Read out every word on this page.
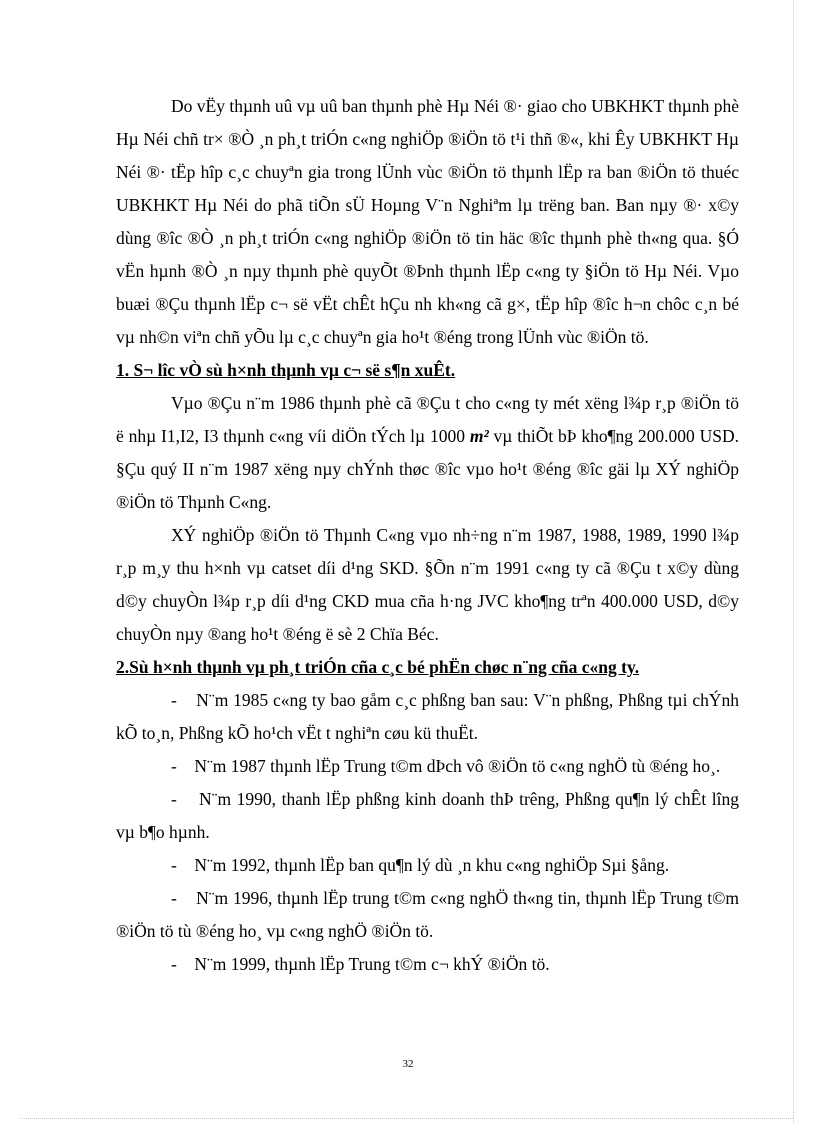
Do vËy thµnh uû vµ uû ban thµnh phè Hµ Néi ®· giao cho UBKHKT thµnh phè Hµ Néi chñ tr× ®Ò ¸n ph¸t triÓn c«ng nghiÖp ®iÖn tö t¹i thñ ®«, khi Êy UBKHKT Hµ Néi ®· tËp hîp c¸c chuyªn gia trong lÜnh vùc ®iÖn tö thµnh lËp ra ban ®iÖn tö thuéc UBKHKT Hµ Néi do phã tiÕn sÜ Hoµng V¨n Nghiªm lµ trëng ban. Ban nµy ®· x©y dùng ®îc ®Ò ¸n ph¸t triÓn c«ng nghiÖp ®iÖn tö tin häc ®îc thµnh phè th«ng qua. §Ó vËn hµnh ®Ò ¸n nµy thµnh phè quyÕt ®Þnh thµnh lËp c«ng ty §iÖn tö Hµ Néi. Vµo buæi ®Çu thµnh lËp c¬ së vËt chÊt hÇu nh kh«ng cã g×, tËp hîp ®îc h¬n chôc c¸n bé vµ nh©n viªn chñ yÕu lµ c¸c chuyªn gia ho¹t ®éng trong lÜnh vùc ®iÖn tö.

1. S¬ lîc vÒ sù h×nh thµnh vµ c¬ së s¶n xuÊt.

Vµo ®Çu n¨m 1986 thµnh phè cã ®Çu t cho c«ng ty mét xëng l¾p r¸p ®iÖn tö ë nhµ I1,I2, I3 thµnh c«ng víi diÖn tÝch lµ 1000 m² vµ thiÕt bÞ kho¶ng 200.000 USD. §Çu quý II n¨m 1987 xëng nµy chÝnh thøc ®îc vµo ho¹t ®éng ®îc gäi lµ XÝ nghiÖp ®iÖn tö Thµnh C«ng.

XÝ nghiÖp ®iÖn tö Thµnh C«ng vµo nh÷ng n¨m 1987, 1988, 1989, 1990 l¾p r¸p m¸y thu h×nh vµ catset díi d¹ng SKD. §Õn n¨m 1991 c«ng ty cã ®Çu t x©y dùng d©y chuyÒn l¾p r¸p díi d¹ng CKD mua cña h·ng JVC kho¶ng trªn 400.000 USD, d©y chuyÒn nµy ®ang ho¹t ®éng ë sè 2 Chïa Béc.

2.Sù h×nh thµnh vµ ph¸t triÓn cña c¸c bé phËn chøc n¨ng cña c«ng ty.

- N¨m 1985 c«ng ty bao gåm c¸c phßng ban sau: V¨n phßng, Phßng tµi chÝnh kÕ to¸n, Phßng kÕ ho¹ch vËt t nghiªn cøu kü thuËt.

- N¨m 1987 thµnh lËp Trung t©m dÞch vô ®iÖn tö c«ng nghÖ tù ®éng ho¸.

- N¨m 1990, thanh lËp phßng kinh doanh thÞ trêng, Phßng qu¶n lý chÊt lîng vµ b¶o hµnh.

- N¨m 1992, thµnh lËp ban qu¶n lý dù ¸n khu c«ng nghiÖp Sµi §ång.

- N¨m 1996, thµnh lËp trung t©m c«ng nghÖ th«ng tin, thµnh lËp Trung t©m ®iÖn tö tù ®éng ho¸ vµ c«ng nghÖ ®iÖn tö.

- N¨m 1999, thµnh lËp Trung t©m c¬ khÝ ®iÖn tö.

32
